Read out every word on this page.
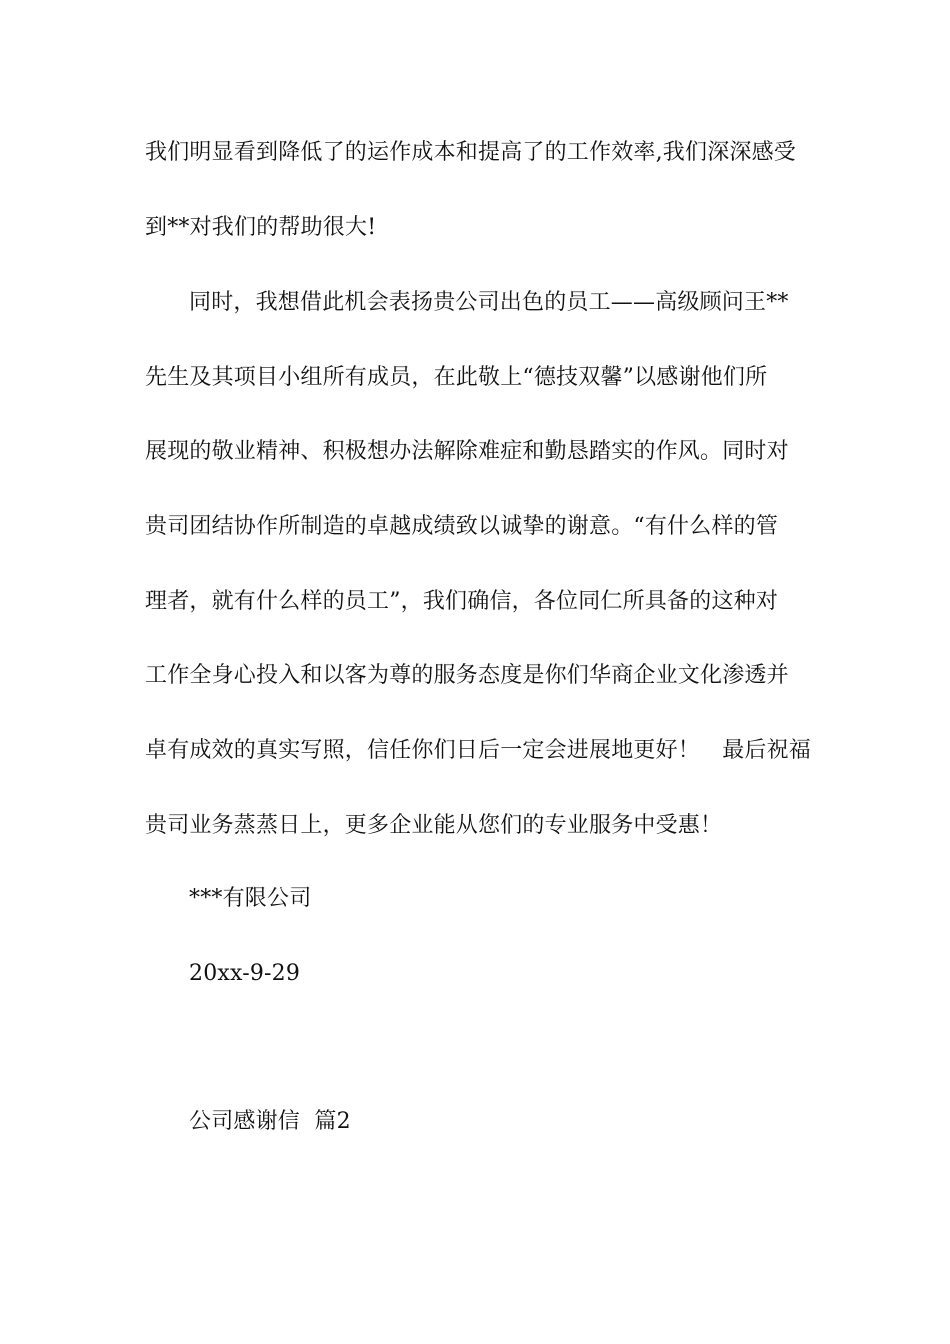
我们明显看到降低了的运作成本和提高了的工作效率,我们深深感受
到**对我们的帮助很大!
同时，我想借此机会表扬贵公司出色的员工——高级顾问王**
先生及其项目小组所有成员，在此敬上“德技双馨”以感谢他们所
展现的敬业精神、积极想办法解除难症和勤恳踏实的作风。同时对
贵司团结协作所制造的卓越成绩致以诚挚的谢意。“有什么样的管
理者，就有什么样的员工”，我们确信，各位同仁所具备的这种对
工作全身心投入和以客为尊的服务态度是你们华商企业文化渗透并
卓有成效的真实写照，信任你们日后一定会进展地更好！　最后祝福
贵司业务蒸蒸日上，更多企业能从您们的专业服务中受惠！
***有限公司
20xx-9-29
公司感谢信  篇2
